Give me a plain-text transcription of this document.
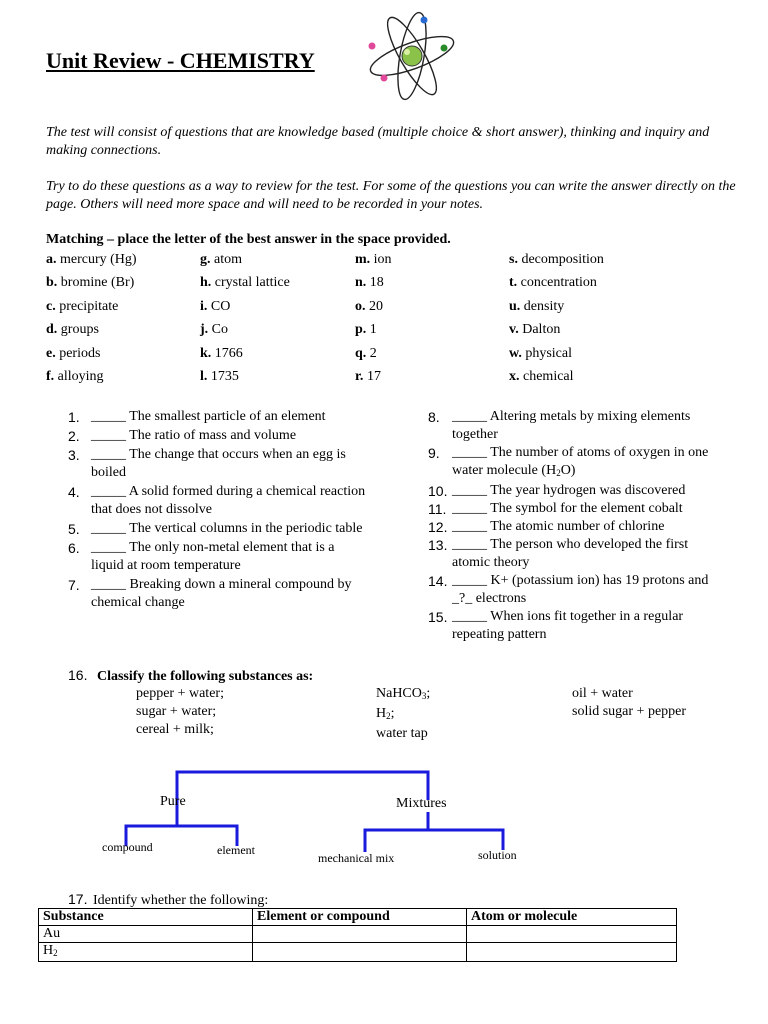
Unit Review - CHEMISTRY
The test will consist of questions that are knowledge based (multiple choice & short answer), thinking and inquiry and making connections.
Try to do these questions as a way to review for the test. For some of the questions you can write the answer directly on the page. Others will need more space and will need to be recorded in your notes.
Matching – place the letter of the best answer in the space provided.
a. mercury (Hg)	g. atom	m. ion	s. decomposition
b. bromine (Br)	h. crystal lattice	n. 18	t. concentration
c. precipitate	i. CO	o. 20	u. density
d. groups	j. Co	p. 1	v. Dalton
e. periods	k. 1766	q. 2	w. physical
f. alloying	l. 1735	r. 17	x. chemical

1. _____ The smallest particle of an element

2. _____ The ratio of mass and volume

3. _____ The change that occurs when an egg is boiled

4. _____ A solid formed during a chemical reaction that does not dissolve

5. _____ The vertical columns in the periodic table

6. _____ The only non-metal element that is a liquid at room temperature

7. _____ Breaking down a mineral compound by chemical change

8. _____ Altering metals by mixing elements together

9. _____ The number of atoms of oxygen in one water molecule $(H_2O)$

10. _____ The year hydrogen was discovered

11. _____ The symbol for the element cobalt

12. _____ The atomic number of chlorine

13. _____ The person who developed the first atomic theory

14. _____ K+ (potassium ion) has 19 protons and _?_ electrons

15. _____ When ions fit together in a regular repeating pattern

16. Classify the following substances as:
pepper + water;
sugar + water;
cereal + milk;
NaHCO$_3$;
$H_2$;
water tap
oil + water
solid sugar + pepper
Pure	Mixtures
compound	element
mechanical mix	solution
17. Identify whether the following:
Substance	Element or compound	Atom or molecule
Au		
$H_2$		
